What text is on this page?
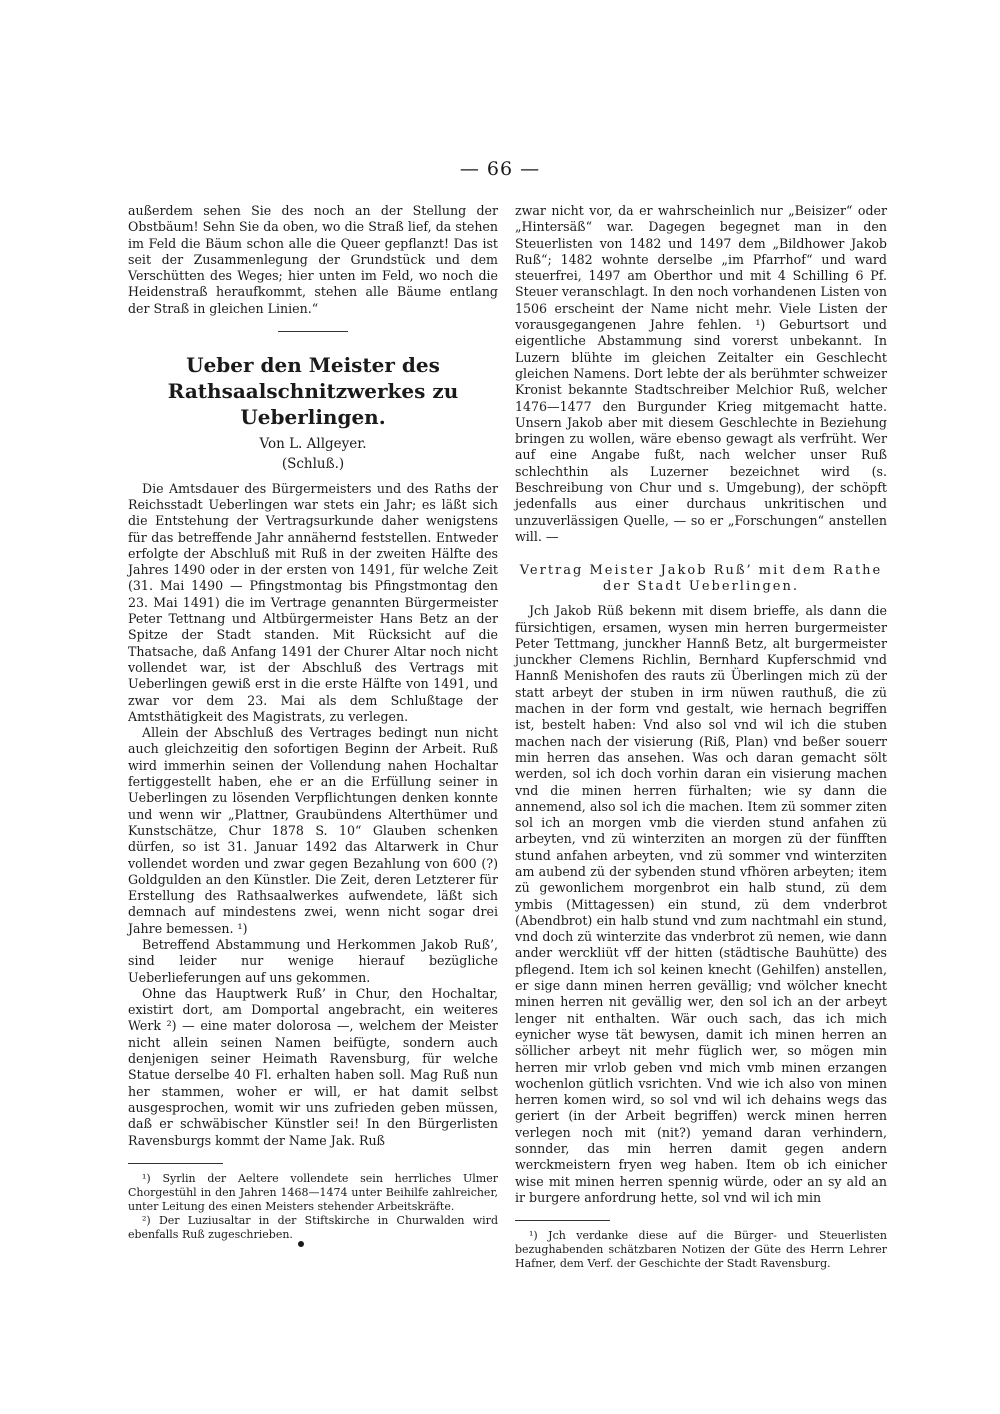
— 66 —

außerdem sehen Sie des noch an der Stellung der Obstbäum! Sehn Sie da oben, wo die Straß lief, da stehen im Feld die Bäum schon alle die Queer gepflanzt! Das ist seit der Zusammenlegung der Grundstück und dem Verschütten des Weges; hier unten im Feld, wo noch die Heidenstraß heraufkommt, stehen alle Bäume entlang der Straß in gleichen Linien.“

Ueber den Meister des
Rathsaalschnitzwerkes zu Ueberlingen.
Von L. Allgeyer.
(Schluß.)

Die Amtsdauer des Bürgermeisters und des Raths der Reichsstadt Ueberlingen war stets ein Jahr; es läßt sich die Entstehung der Vertragsurkunde daher wenigstens für das betreffende Jahr annähernd feststellen. Entweder erfolgte der Abschluß mit Ruß in der zweiten Hälfte des Jahres 1490 oder in der ersten von 1491, für welche Zeit (31. Mai 1490 — Pfingstmontag bis Pfingstmontag den 23. Mai 1491) die im Vertrage genannten Bürgermeister Peter Tettnang und Altbürgermeister Hans Betz an der Spitze der Stadt standen. Mit Rücksicht auf die Thatsache, daß Anfang 1491 der Churer Altar noch nicht vollendet war, ist der Abschluß des Vertrags mit Ueberlingen gewiß erst in die erste Hälfte von 1491, und zwar vor dem 23. Mai als dem Schlußtage der Amtsthätigkeit des Magistrats, zu verlegen.

Allein der Abschluß des Vertrages bedingt nun nicht auch gleichzeitig den sofortigen Beginn der Arbeit. Ruß wird immerhin seinen der Vollendung nahen Hochaltar fertiggestellt haben, ehe er an die Erfüllung seiner in Ueberlingen zu lösenden Verpflichtungen denken konnte und wenn wir „Plattner, Graubündens Alterthümer und Kunstschätze, Chur 1878 S. 10“ Glauben schenken dürfen, so ist 31. Januar 1492 das Altarwerk in Chur vollendet worden und zwar gegen Bezahlung von 600 (?) Goldgulden an den Künstler. Die Zeit, deren Letzterer für Erstellung des Rathsaalwerkes aufwendete, läßt sich demnach auf mindestens zwei, wenn nicht sogar drei Jahre bemessen. ¹)

Betreffend Abstammung und Herkommen Jakob Ruß’, sind leider nur wenige hierauf bezügliche Ueberlieferungen auf uns gekommen.

Ohne das Hauptwerk Ruß’ in Chur, den Hochaltar, existirt dort, am Domportal angebracht, ein weiteres Werk ²) — eine mater dolorosa —, welchem der Meister nicht allein seinen Namen beifügte, sondern auch denjenigen seiner Heimath Ravensburg, für welche Statue derselbe 40 Fl. erhalten haben soll. Mag Ruß nun her stammen, woher er will, er hat damit selbst ausgesprochen, womit wir uns zufrieden geben müssen, daß er schwäbischer Künstler sei! In den Bürgerlisten Ravensburgs kommt der Name Jak. Ruß

¹) Syrlin der Aeltere vollendete sein herrliches Ulmer Chorgestühl in den Jahren 1468—1474 unter Beihilfe zahlreicher, unter Leitung des einen Meisters stehender Arbeitskräfte.

²) Der Luziusaltar in der Stiftskirche in Churwalden wird ebenfalls Ruß zugeschrieben.

zwar nicht vor, da er wahrscheinlich nur „Beisizer“ oder „Hintersäß“ war. Dagegen begegnet man in den Steuerlisten von 1482 und 1497 dem „Bildhower Jakob Ruß“; 1482 wohnte derselbe „im Pfarrhof“ und ward steuerfrei, 1497 am Oberthor und mit 4 Schilling 6 Pf. Steuer veranschlagt. In den noch vorhandenen Listen von 1506 erscheint der Name nicht mehr. Viele Listen der vorausgegangenen Jahre fehlen. ¹) Geburtsort und eigentliche Abstammung sind vorerst unbekannt. In Luzern blühte im gleichen Zeitalter ein Geschlecht gleichen Namens. Dort lebte der als berühmter schweizer Kronist bekannte Stadtschreiber Melchior Ruß, welcher 1476—1477 den Burgunder Krieg mitgemacht hatte. Unsern Jakob aber mit diesem Geschlechte in Beziehung bringen zu wollen, wäre ebenso gewagt als verfrüht. Wer auf eine Angabe fußt, nach welcher unser Ruß schlechthin als Luzerner bezeichnet wird (s. Beschreibung von Chur und s. Umgebung), der schöpft jedenfalls aus einer durchaus unkritischen und unzuverlässigen Quelle, — so er „Forschungen“ anstellen will. —

Vertrag Meister Jakob Ruß’ mit dem Rathe
der Stadt Ueberlingen.

Jch Jakob Rüß bekenn mit disem brieffe, als dann die fürsichtigen, ersamen, wysen min herren burgermeister Peter Tettmang, junckher Hannß Betz, alt burgermeister junckher Clemens Richlin, Bernhard Kupferschmid vnd Hannß Menishofen des rauts zü Überlingen mich zü der statt arbeyt der stuben in irm nüwen rauthuß, die zü machen in der form vnd gestalt, wie hernach begriffen ist, bestelt haben: Vnd also sol vnd wil ich die stuben machen nach der visierung (Riß, Plan) vnd beßer souerr min herren das ansehen. Was och daran gemacht sölt werden, sol ich doch vorhin daran ein visierung machen vnd die minen herren fürhalten; wie sy dann die annemend, also sol ich die machen. Item zü sommer ziten sol ich an morgen vmb die vierden stund anfahen zü arbeyten, vnd zü winterziten an morgen zü der fünfften stund anfahen arbeyten, vnd zü sommer vnd winterziten am aubend zü der sybenden stund vfhören arbeyten; item zü gewonlichem morgenbrot ein halb stund, zü dem ymbis (Mittagessen) ein stund, zü dem vnderbrot (Abendbrot) ein halb stund vnd zum nachtmahl ein stund, vnd doch zü winterzite das vnderbrot zü nemen, wie dann ander werckliüt vff der hitten (städtische Bauhütte) des pflegend. Item ich sol keinen knecht (Gehilfen) anstellen, er sige dann minen herren gevällig; vnd wölcher knecht minen herren nit gevällig wer, den sol ich an der arbeyt lenger nit enthalten. Wär ouch sach, das ich mich eynicher wyse tät bewysen, damit ich minen herren an söllicher arbeyt nit mehr füglich wer, so mögen min herren mir vrlob geben vnd mich vmb minen erzangen wochenlon gütlich vsrichten. Vnd wie ich also von minen herren komen wird, so sol vnd wil ich dehains wegs das geriert (in der Arbeit begriffen) werck minen herren verlegen noch mit (nit?) yemand daran verhindern, sonnder, das min herren damit gegen andern werckmeistern fryen weg haben. Item ob ich einicher wise mit minen herren spennig würde, oder an sy ald an ir burgere anfordrung hette, sol vnd wil ich min

¹) Jch verdanke diese auf die Bürger- und Steuerlisten bezughabenden schätzbaren Notizen der Güte des Herrn Lehrer Hafner, dem Verf. der Geschichte der Stadt Ravensburg.
